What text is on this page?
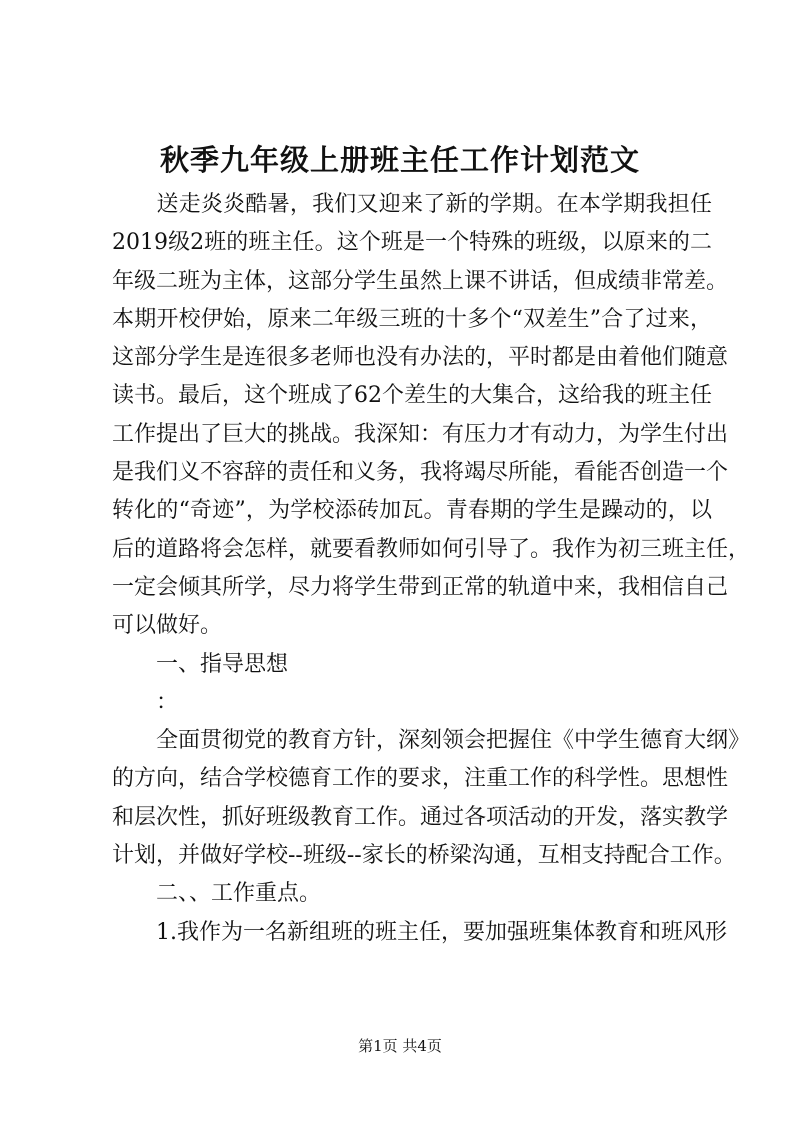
秋季九年级上册班主任工作计划范文
　　送走炎炎酷暑，我们又迎来了新的学期。在本学期我担任
2019级2班的班主任。这个班是一个特殊的班级，以原来的二
年级二班为主体，这部分学生虽然上课不讲话，但成绩非常差。
本期开校伊始，原来二年级三班的十多个“双差生”合了过来，
这部分学生是连很多老师也没有办法的，平时都是由着他们随意
读书。最后，这个班成了62个差生的大集合，这给我的班主任
工作提出了巨大的挑战。我深知：有压力才有动力，为学生付出
是我们义不容辞的责任和义务，我将竭尽所能，看能否创造一个
转化的“奇迹”，为学校添砖加瓦。青春期的学生是躁动的，以
后的道路将会怎样，就要看教师如何引导了。我作为初三班主任，
一定会倾其所学，尽力将学生带到正常的轨道中来，我相信自己
可以做好。
　　一、指导思想
　　：
　　全面贯彻党的教育方针，深刻领会把握住《中学生德育大纲》
的方向，结合学校德育工作的要求，注重工作的科学性。思想性
和层次性，抓好班级教育工作。通过各项活动的开发，落实教学
计划，并做好学校--班级--家长的桥梁沟通，互相支持配合工作。
　　二、、工作重点。
　　1.我作为一名新组班的班主任，要加强班集体教育和班风形
第1页 共4页
